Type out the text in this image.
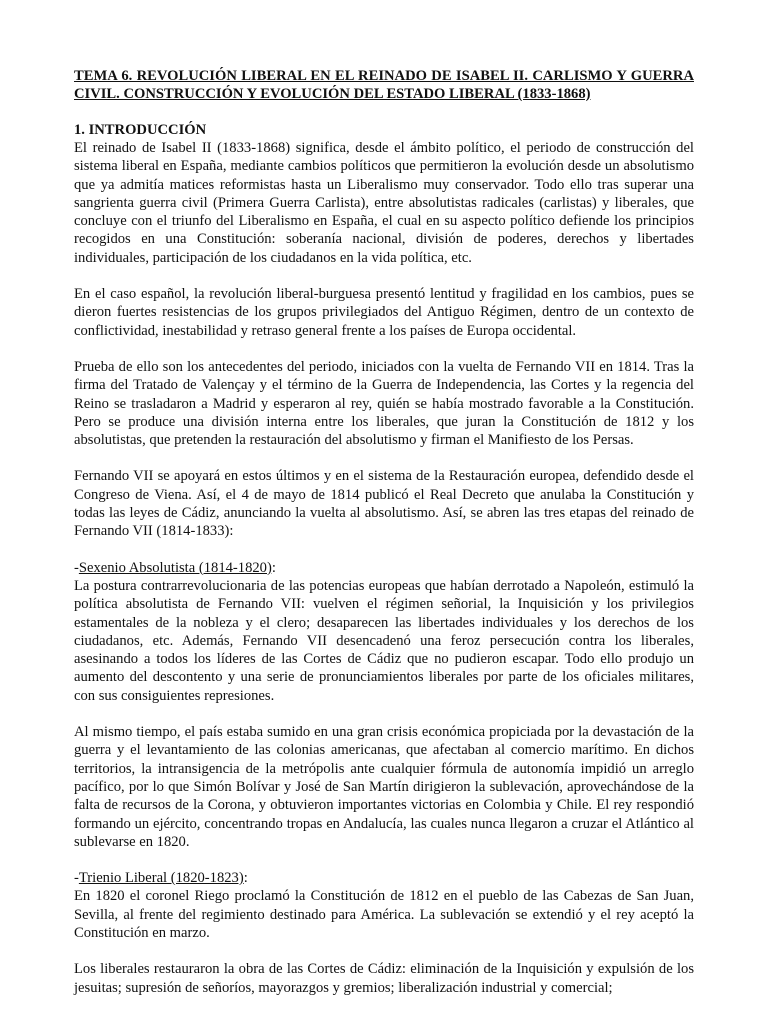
TEMA 6. REVOLUCIÓN LIBERAL EN EL REINADO DE ISABEL II. CARLISMO Y GUERRA CIVIL. CONSTRUCCIÓN Y EVOLUCIÓN DEL ESTADO LIBERAL (1833-1868)

1. INTRODUCCIÓN

El reinado de Isabel II (1833-1868) significa, desde el ámbito político, el periodo de construcción del sistema liberal en España, mediante cambios políticos que permitieron la evolución desde un absolutismo que ya admitía matices reformistas hasta un Liberalismo muy conservador. Todo ello tras superar una sangrienta guerra civil (Primera Guerra Carlista), entre absolutistas radicales (carlistas) y liberales, que concluye con el triunfo del Liberalismo en España, el cual en su aspecto político defiende los principios recogidos en una Constitución: soberanía nacional, división de poderes, derechos y libertades individuales, participación de los ciudadanos en la vida política, etc.

En el caso español, la revolución liberal-burguesa presentó lentitud y fragilidad en los cambios, pues se dieron fuertes resistencias de los grupos privilegiados del Antiguo Régimen, dentro de un contexto de conflictividad, inestabilidad y retraso general frente a los países de Europa occidental.

Prueba de ello son los antecedentes del periodo, iniciados con la vuelta de Fernando VII en 1814. Tras la firma del Tratado de Valençay y el término de la Guerra de Independencia, las Cortes y la regencia del Reino se trasladaron a Madrid y esperaron al rey, quién se había mostrado favorable a la Constitución. Pero se produce una división interna entre los liberales, que juran la Constitución de 1812 y los absolutistas, que pretenden la restauración del absolutismo y firman el Manifiesto de los Persas.

Fernando VII se apoyará en estos últimos y en el sistema de la Restauración europea, defendido desde el Congreso de Viena. Así, el 4 de mayo de 1814 publicó el Real Decreto que anulaba la Constitución y todas las leyes de Cádiz, anunciando la vuelta al absolutismo. Así, se abren las tres etapas del reinado de Fernando VII (1814-1833):

-Sexenio Absolutista (1814-1820):

La postura contrarrevolucionaria de las potencias europeas que habían derrotado a Napoleón, estimuló la política absolutista de Fernando VII: vuelven el régimen señorial, la Inquisición y los privilegios estamentales de la nobleza y el clero; desaparecen las libertades individuales y los derechos de los ciudadanos, etc. Además, Fernando VII desencadenó una feroz persecución contra los liberales, asesinando a todos los líderes de las Cortes de Cádiz que no pudieron escapar. Todo ello produjo un aumento del descontento y una serie de pronunciamientos liberales por parte de los oficiales militares, con sus consiguientes represiones.

Al mismo tiempo, el país estaba sumido en una gran crisis económica propiciada por la devastación de la guerra y el levantamiento de las colonias americanas, que afectaban al comercio marítimo. En dichos territorios, la intransigencia de la metrópolis ante cualquier fórmula de autonomía impidió un arreglo pacífico, por lo que Simón Bolívar y José de San Martín dirigieron la sublevación, aprovechándose de la falta de recursos de la Corona, y obtuvieron importantes victorias en Colombia y Chile. El rey respondió formando un ejército, concentrando tropas en Andalucía, las cuales nunca llegaron a cruzar el Atlántico al sublevarse en 1820.

-Trienio Liberal (1820-1823):

En 1820 el coronel Riego proclamó la Constitución de 1812 en el pueblo de las Cabezas de San Juan, Sevilla, al frente del regimiento destinado para América. La sublevación se extendió y el rey aceptó la Constitución en marzo.

Los liberales restauraron la obra de las Cortes de Cádiz: eliminación de la Inquisición y expulsión de los jesuitas; supresión de señoríos, mayorazgos y gremios; liberalización industrial y comercial;
